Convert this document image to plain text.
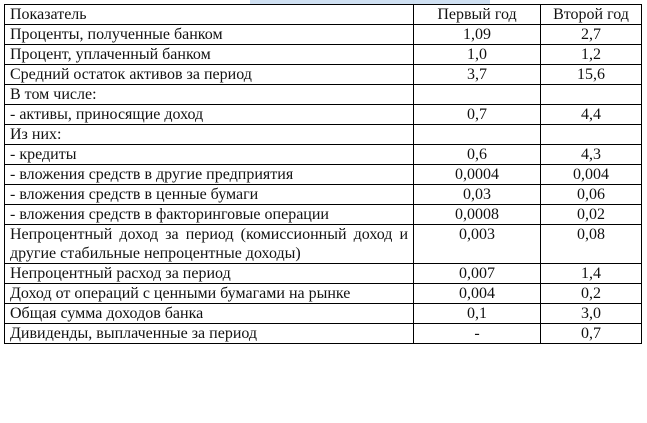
Показатель	Первый год	Второй год
Проценты, полученные банком	1,09	2,7
Процент, уплаченный банком	1,0	1,2
Средний остаток активов за период	3,7	15,6
В том числе:		
- активы, приносящие доход	0,7	4,4
Из них:		
- кредиты	0,6	4,3
- вложения средств в другие предприятия	0,0004	0,004
- вложения средств в ценные бумаги	0,03	0,06
- вложения средств в факторинговые операции	0,0008	0,02
Непроцентный доход за период (комиссионный доход и другие стабильные непроцентные доходы)	0,003	0,08
Непроцентный расход за период	0,007	1,4
Доход от операций с ценными бумагами на рынке	0,004	0,2
Общая сумма доходов банка	0,1	3,0
Дивиденды, выплаченные за период	-	0,7
